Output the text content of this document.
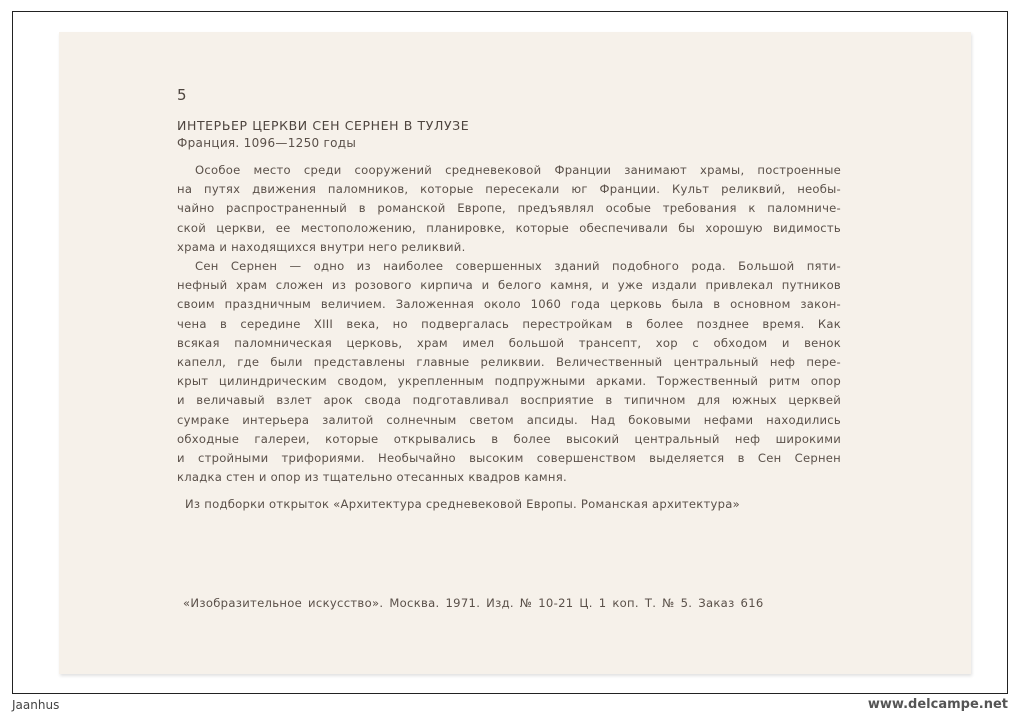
5
ИНТЕРЬЕР ЦЕРКВИ СЕН СЕРНЕН В ТУЛУЗЕ
Франция. 1096—1250 годы
Особое место среди сооружений средневековой Франции занимают храмы, построенные
на путях движения паломников, которые пересекали юг Франции. Культ реликвий, необы-
чайно распространенный в романской Европе, предъявлял особые требования к паломниче-
ской церкви, ее местоположению, планировке, которые обеспечивали бы хорошую видимость
храма и находящихся внутри него реликвий.
Сен Сернен — одно из наиболее совершенных зданий подобного рода. Большой пяти-
нефный храм сложен из розового кирпича и белого камня, и уже издали привлекал путников
своим праздничным величием. Заложенная около 1060 года церковь была в основном закон-
чена в середине XIII века, но подвергалась перестройкам в более позднее время. Как
всякая паломническая церковь, храм имел большой трансепт, хор с обходом и венок
капелл, где были представлены главные реликвии. Величественный центральный неф пере-
крыт цилиндрическим сводом, укрепленным подпружными арками. Торжественный ритм опор
и величавый взлет арок свода подготавливал восприятие в типичном для южных церквей
сумраке интерьера залитой солнечным светом апсиды. Над боковыми нефами находились
обходные галереи, которые открывались в более высокий центральный неф широкими
и стройными трифориями. Необычайно высоким совершенством выделяется в Сен Сернен
кладка стен и опор из тщательно отесанных квадров камня.
Из подборки открыток «Архитектура средневековой Европы. Романская архитектура»
«Изобразительное искусство». Москва. 1971. Изд. № 10-21 Ц. 1 коп. Т. № 5. Заказ 616
Jaanhus	www.delcampe.net
